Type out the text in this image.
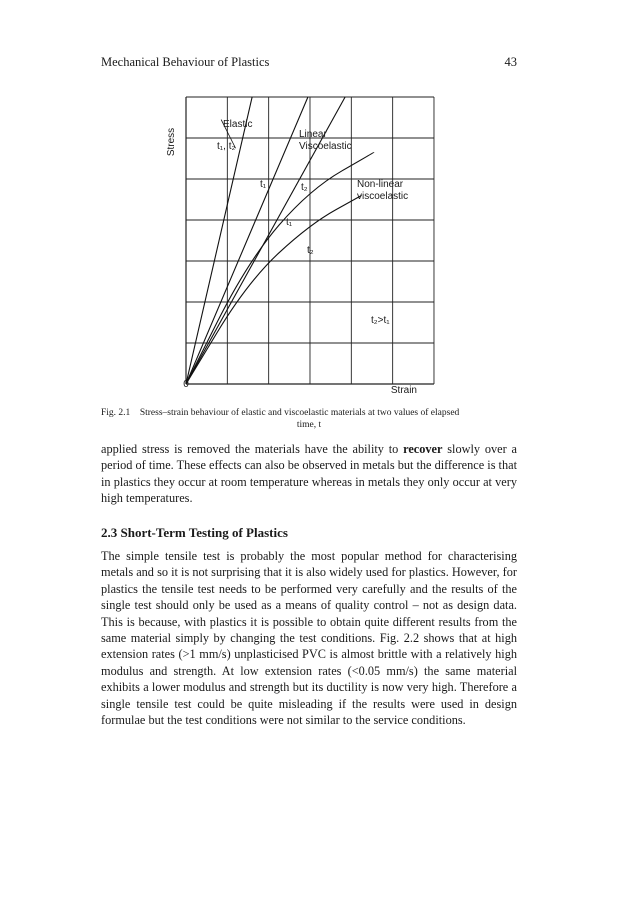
Mechanical Behaviour of Plastics	43
Stress
0
Strain
Elastic
t₁, t₂
Linear
Viscoelastic
Non-linear
viscoelastic
t₁	t₂
t₁
t₂
t₂>t₁
Fig. 2.1 Stress–strain behaviour of elastic and viscoelastic materials at two values of elapsed
time, t

applied stress is removed the materials have the ability to recover slowly over a period of time. These effects can also be observed in metals but the difference is that in plastics they occur at room temperature whereas in metals they only occur at very high temperatures.

2.3 Short-Term Testing of Plastics

The simple tensile test is probably the most popular method for characterising metals and so it is not surprising that it is also widely used for plastics. However, for plastics the tensile test needs to be performed very carefully and the results of the single test should only be used as a means of quality control – not as design data. This is because, with plastics it is possible to obtain quite different results from the same material simply by changing the test conditions. Fig. 2.2 shows that at high extension rates (>1 mm/s) unplasticised PVC is almost brittle with a relatively high modulus and strength. At low extension rates (<0.05 mm/s) the same material exhibits a lower modulus and strength but its ductility is now very high. Therefore a single tensile test could be quite misleading if the results were used in design formulae but the test conditions were not similar to the service conditions.
